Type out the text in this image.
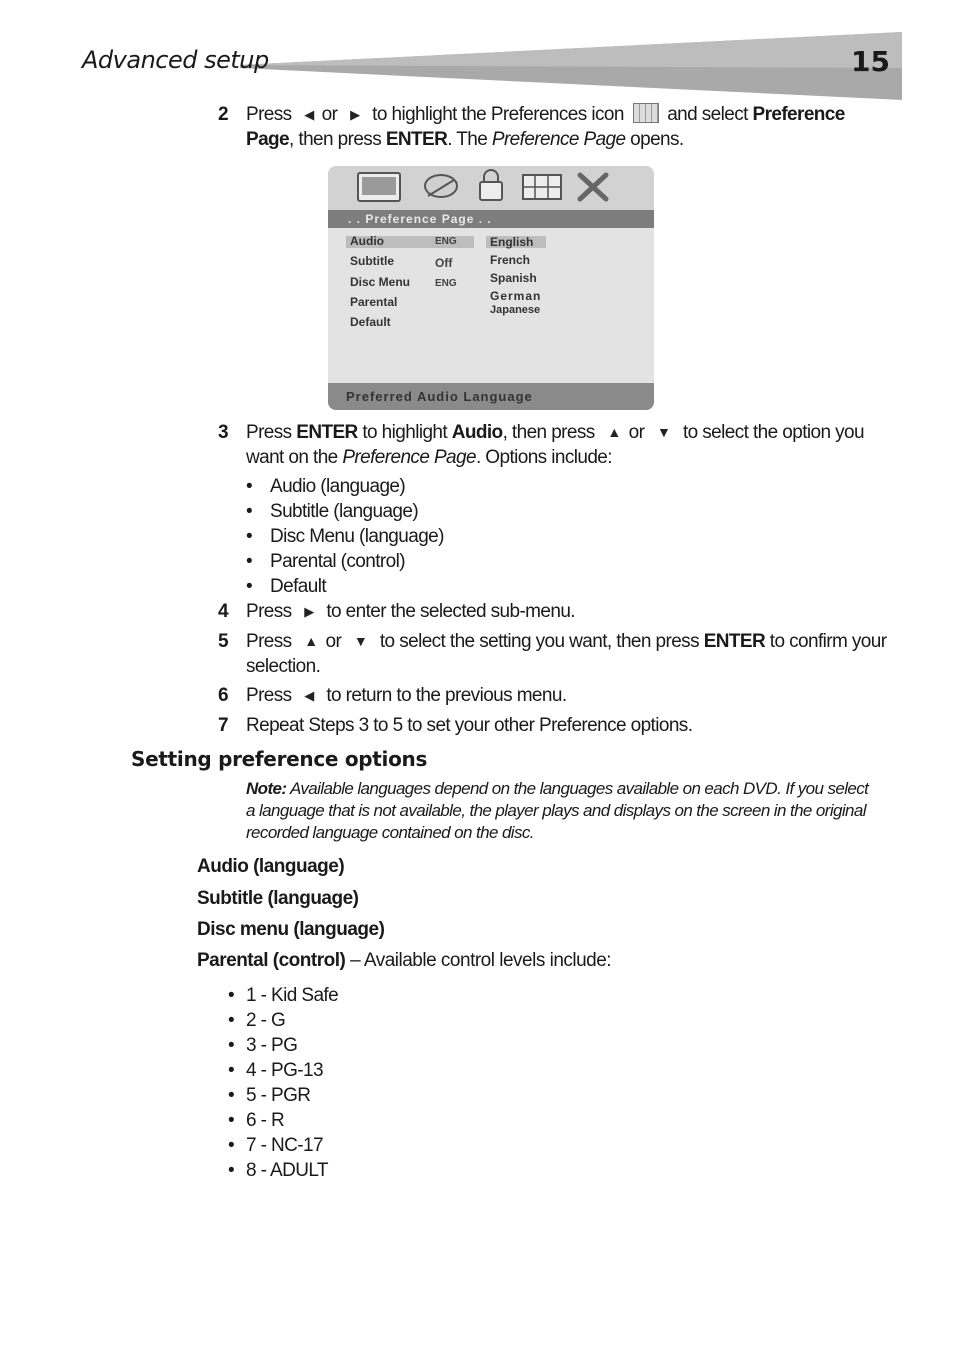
Advanced setup	15
2 Press ◀ or ▶ to highlight the Preferences icon and select Preference Page, then press ENTER. The Preference Page opens.
. . Preference Page . .
Audio	ENG
Subtitle	Off
Disc Menu ENG
Parental
Default
English
French
Spanish
German
Japanese
Preferred Audio Language
3 Press ENTER to highlight Audio, then press ▲ or ▼ to select the option you want on the Preference Page. Options include:
• Audio (language)
• Subtitle (language)
• Disc Menu (language)
• Parental (control)
• Default
4 Press ▶ to enter the selected sub-menu.
5 Press ▲ or ▼ to select the setting you want, then press ENTER to confirm your selection.
6 Press ◀ to return to the previous menu.
7 Repeat Steps 3 to 5 to set your other Preference options.
Setting preference options
Note: Available languages depend on the languages available on each DVD. If you select a language that is not available, the player plays and displays on the screen in the original recorded language contained on the disc.
Audio (language)
Subtitle (language)
Disc menu (language)
Parental (control) – Available control levels include:
• 1 - Kid Safe
• 2 - G
• 3 - PG
• 4 - PG-13
• 5 - PGR
• 6 - R
• 7 - NC-17
• 8 - ADULT
